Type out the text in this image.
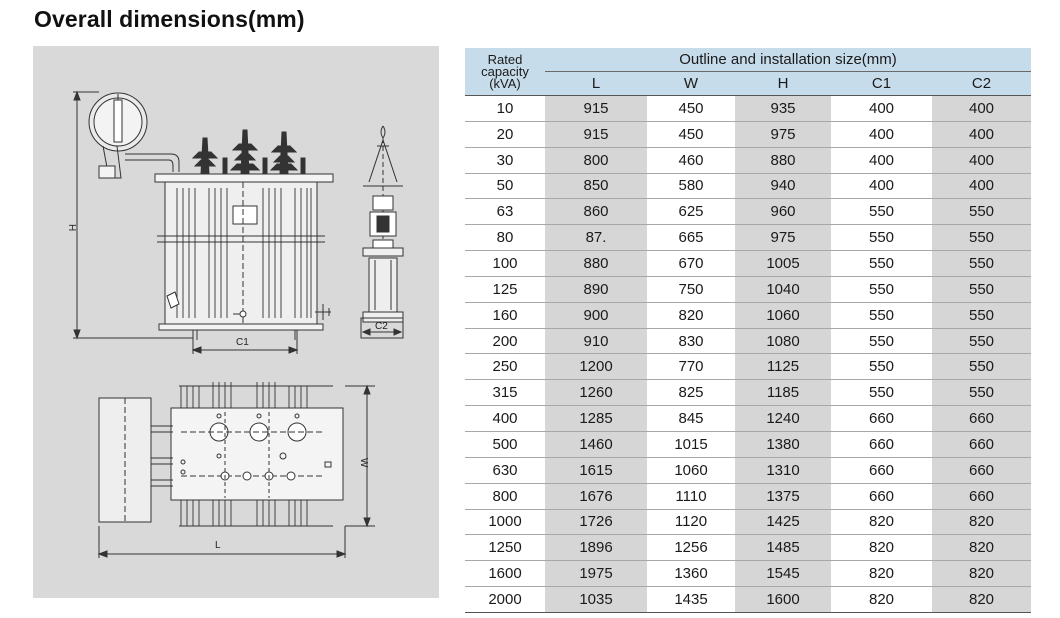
Overall dimensions(mm)
H
C1
C2
W
L
Rated
capacity
(kVA)	Outline and installation size(mm)				
	L	W	H	C1	C2
10	915	450	935	400	400
20	915	450	975	400	400
30	800	460	880	400	400
50	850	580	940	400	400
63	860	625	960	550	550
80	87.	665	975	550	550
100	880	670	1005	550	550
125	890	750	1040	550	550
160	900	820	1060	550	550
200	910	830	1080	550	550
250	1200	770	1125	550	550
315	1260	825	1185	550	550
400	1285	845	1240	660	660
500	1460	1015	1380	660	660
630	1615	1060	1310	660	660
800	1676	1110	1375	660	660
1000	1726	1120	1425	820	820
1250	1896	1256	1485	820	820
1600	1975	1360	1545	820	820
2000	1035	1435	1600	820	820
